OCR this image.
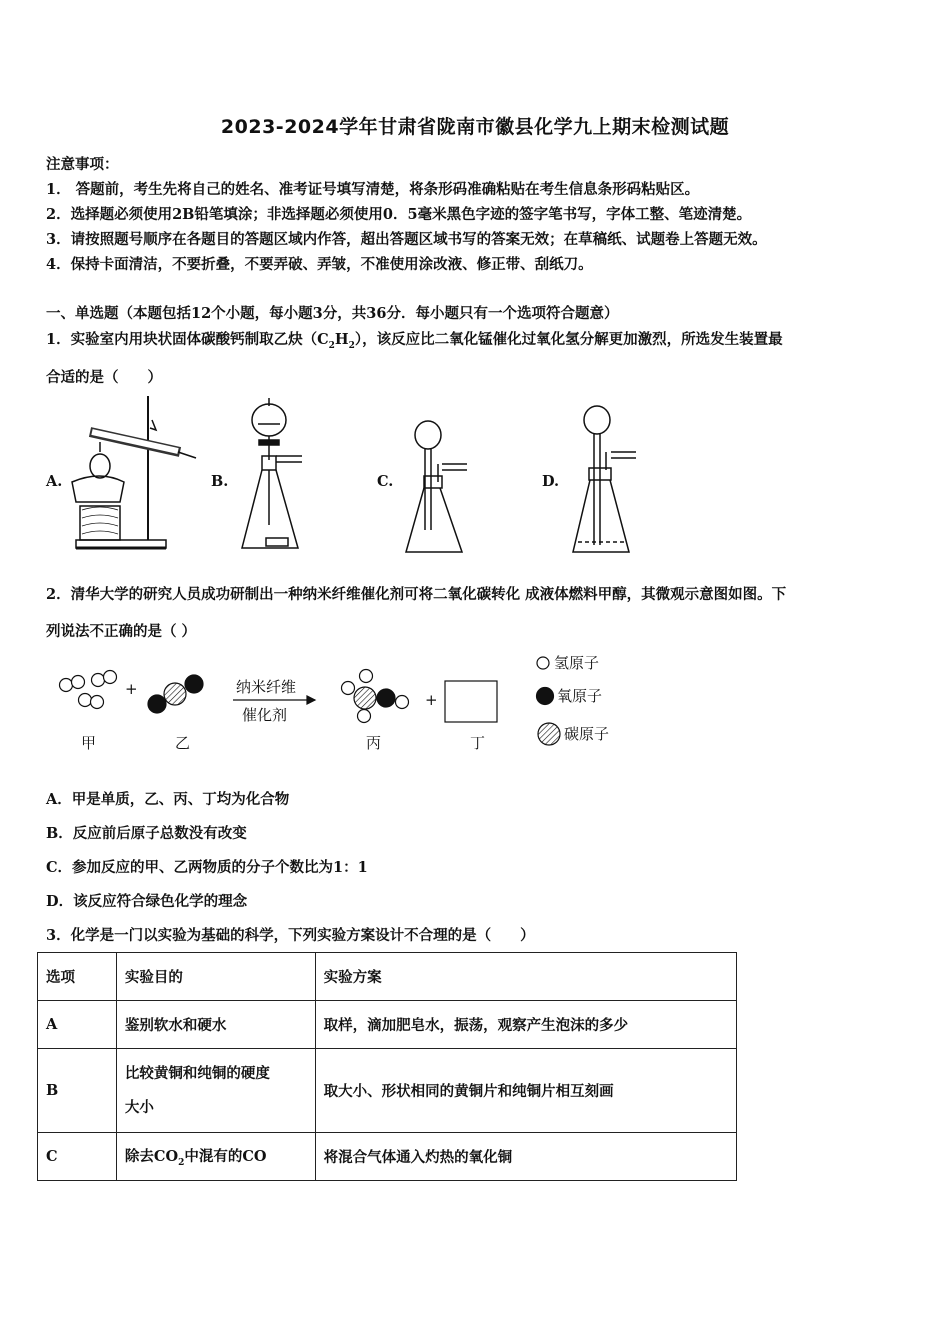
2023-2024学年甘肃省陇南市徽县化学九上期末检测试题
注意事项：
1． 答题前，考生先将自己的姓名、准考证号填写清楚，将条形码准确粘贴在考生信息条形码粘贴区。
2．选择题必须使用2B铅笔填涂；非选择题必须使用0．5毫米黑色字迹的签字笔书写，字体工整、笔迹清楚。
3．请按照题号顺序在各题目的答题区域内作答，超出答题区域书写的答案无效；在草稿纸、试题卷上答题无效。
4．保持卡面清洁，不要折叠，不要弄破、弄皱，不准使用涂改液、修正带、刮纸刀。
一、单选题（本题包括12个小题，每小题3分，共36分．每小题只有一个选项符合题意）
1．实验室内用块状固体碳酸钙制取乙炔$(C_2H_2)$，该反应比二氧化锰催化过氧化氢分解更加激烈，所选发生装置最
合适的是（　　）
A.	B.	C.	D.
2．清华大学的研究人员成功研制出一种纳米纤维催化剂可将二氧化碳转化 成液体燃料甲醇，其微观示意图如图。下
列说法不正确的是（ ）
+
+
纳米纤维
催化剂
甲	乙	丙	丁
氢原子
氧原子
碳原子
A．甲是单质，乙、丙、丁均为化合物
B．反应前后原子总数没有改变
C．参加反应的甲、乙两物质的分子个数比为1：1
D．该反应符合绿色化学的理念
3．化学是一门以实验为基础的科学，下列实验方案设计不合理的是（　　）
选项	实验目的	实验方案
A	鉴别软水和硬水	取样，滴加肥皂水，振荡，观察产生泡沫的多少
B	比较黄铜和纯铜的硬度
大小	取大小、形状相同的黄铜片和纯铜片相互刻画
C	除去$CO_2$中混有的CO	将混合气体通入灼热的氧化铜
